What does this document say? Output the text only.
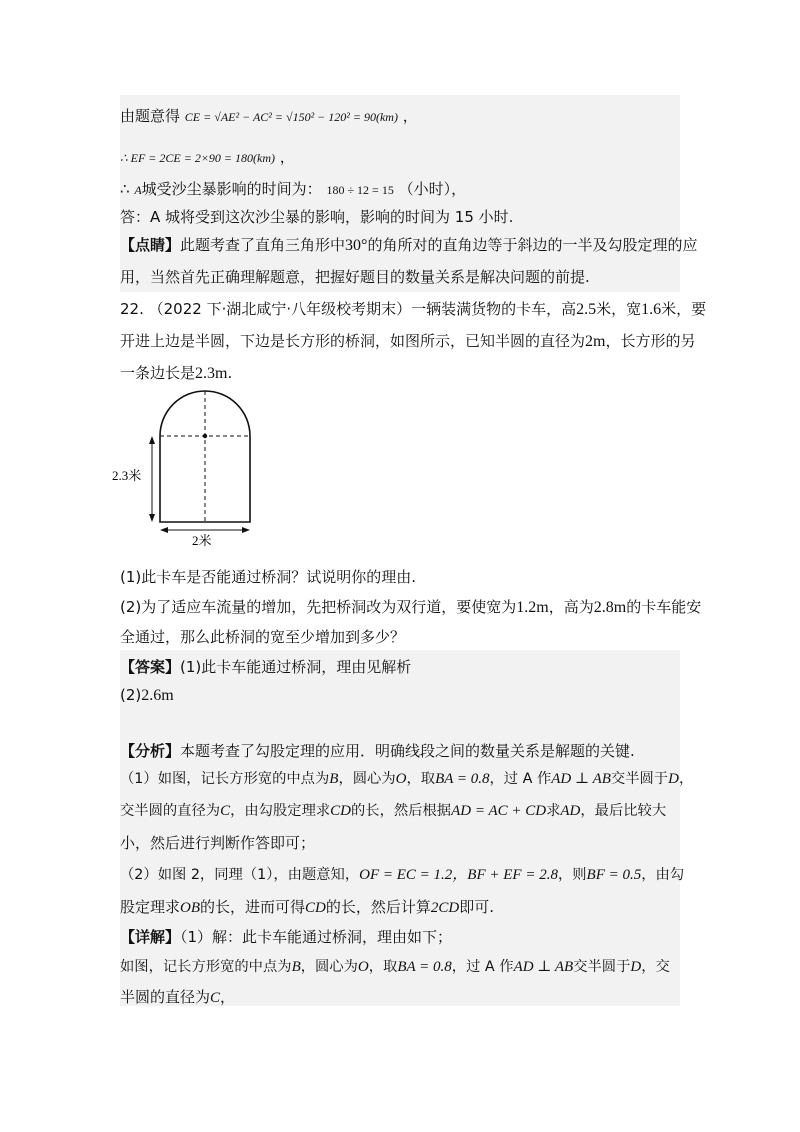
由题意得 CE = √AE² − AC² = √150² − 120² = 90(km) ，
∴ EF = 2CE = 2×90 = 180(km) ，
∴ A城受沙尘暴影响的时间为： 180 ÷ 12 = 15 （小时），
答：A 城将受到这次沙尘暴的影响，影响的时间为 15 小时.
【点睛】此题考查了直角三角形中30°的角所对的直角边等于斜边的一半及勾股定理的应
用，当然首先正确理解题意，把握好题目的数量关系是解决问题的前提.
22. （2022 下·湖北咸宁·八年级校考期末）一辆装满货物的卡车，高2.5米，宽1.6米，要
开进上边是半圆，下边是长方形的桥洞，如图所示，已知半圆的直径为2m，长方形的另
一条边长是2.3m.
2.3米
2米
(1)此卡车是否能通过桥洞？试说明你的理由.
(2)为了适应车流量的增加，先把桥洞改为双行道，要使宽为1.2m，高为2.8m的卡车能安
全通过，那么此桥洞的宽至少增加到多少？
【答案】(1)此卡车能通过桥洞，理由见解析
(2)2.6m
【分析】本题考查了勾股定理的应用．明确线段之间的数量关系是解题的关键.
（1）如图，记长方形宽的中点为B，圆心为O，取BA = 0.8，过 A 作AD ⊥ AB交半圆于D，
交半圆的直径为C，由勾股定理求CD的长，然后根据AD = AC + CD求AD，最后比较大
小，然后进行判断作答即可；
（2）如图 2，同理（1），由题意知，OF = EC = 1.2，BF + EF = 2.8，则BF = 0.5，由勾
股定理求OB的长，进而可得CD的长，然后计算2CD即可.
【详解】（1）解：此卡车能通过桥洞，理由如下；
如图，记长方形宽的中点为B，圆心为O，取BA = 0.8，过 A 作AD ⊥ AB交半圆于D，交
半圆的直径为C，
